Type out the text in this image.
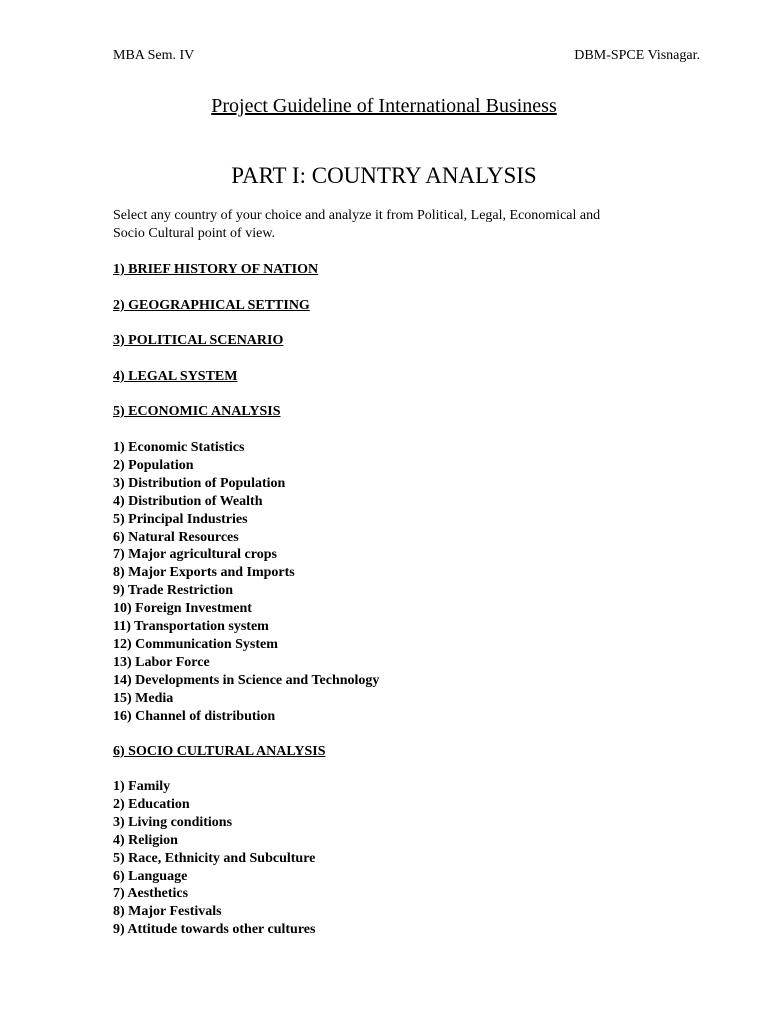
MBA Sem. IV	DBM-SPCE Visnagar.
Project Guideline of International Business
PART I: COUNTRY ANALYSIS

Select any country of your choice and analyze it from Political, Legal, Economical and
Socio Cultural point of view.

1) BRIEF HISTORY OF NATION

2) GEOGRAPHICAL SETTING

3) POLITICAL SCENARIO

4) LEGAL SYSTEM

5) ECONOMIC ANALYSIS

1) Economic Statistics
2) Population
3) Distribution of Population
4) Distribution of Wealth
5) Principal Industries
6) Natural Resources
7) Major agricultural crops
8) Major Exports and Imports
9) Trade Restriction
10) Foreign Investment
11) Transportation system
12) Communication System
13) Labor Force
14) Developments in Science and Technology
15) Media
16) Channel of distribution

6) SOCIO CULTURAL ANALYSIS

1) Family
2) Education
3) Living conditions
4) Religion
5) Race, Ethnicity and Subculture
6) Language
7) Aesthetics
8) Major Festivals
9) Attitude towards other cultures
